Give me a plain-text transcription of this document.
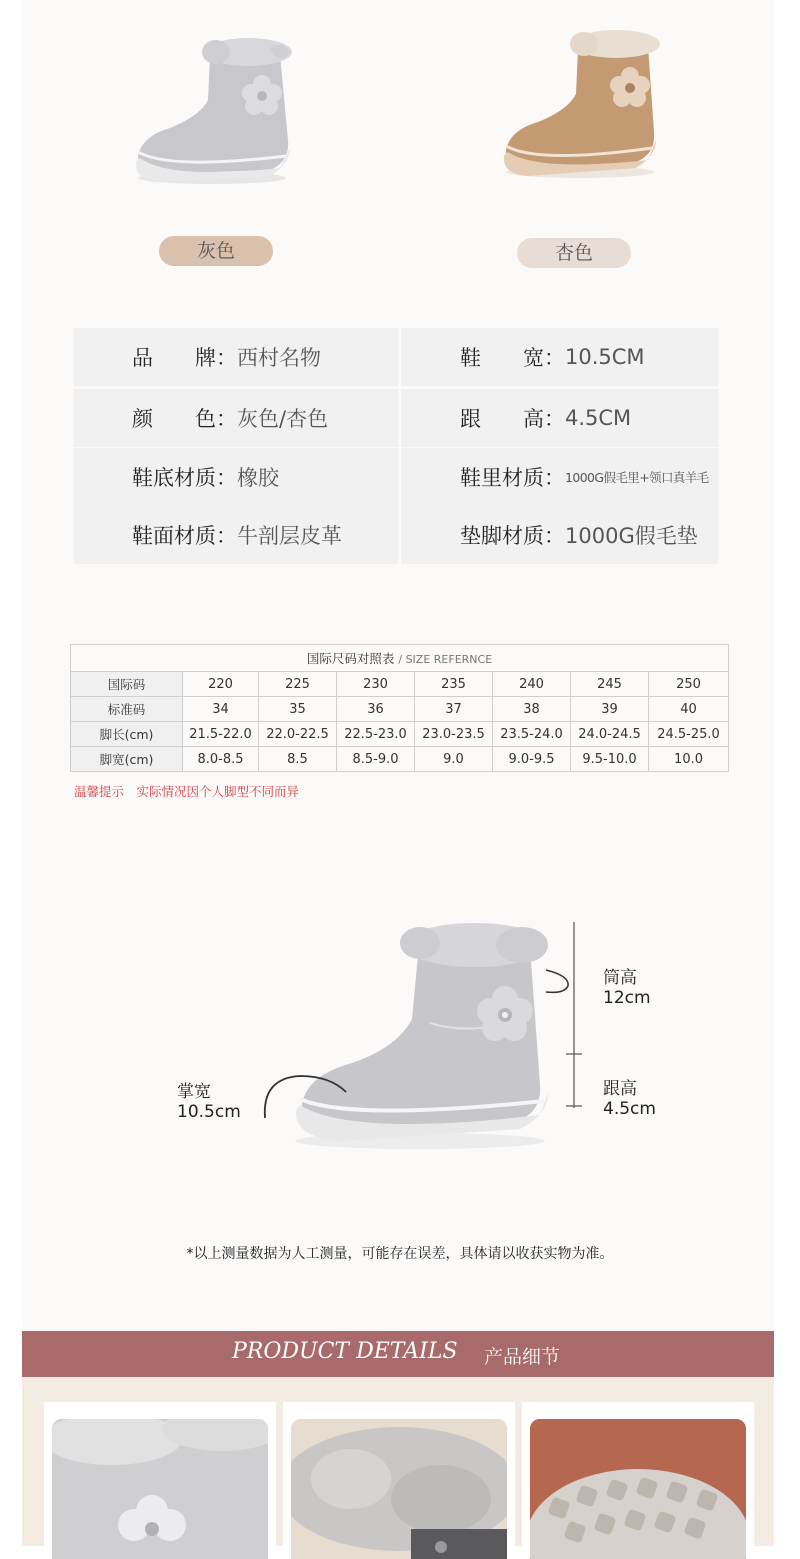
灰色	杏色
品　　牌： 西村名物	鞋　　宽： 10.5CM
颜　　色： 灰色/杏色	跟　　高： 4.5CM
鞋底材质： 橡胶	鞋里材质： 1000G假毛里+领口真羊毛
鞋面材质： 牛剖层皮革	垫脚材质： 1000G假毛垫
国际尺码对照表 / SIZE REFERNCE							
国际码	220	225	230	235	240	245	250
标准码	34	35	36	37	38	39	40
脚长(cm)	21.5-22.0	22.0-22.5	22.5-23.0	23.0-23.5	23.5-24.0	24.0-24.5	24.5-25.0
脚宽(cm)	8.0-8.5	8.5	8.5-9.0	9.0	9.0-9.5	9.5-10.0	10.0
温馨提示　实际情况因个人脚型不同而异
筒高
12cm
跟高
4.5cm
掌宽
10.5cm
*以上测量数据为人工测量，可能存在误差，具体请以收获实物为准。
PRODUCT DETAILS 产品细节
